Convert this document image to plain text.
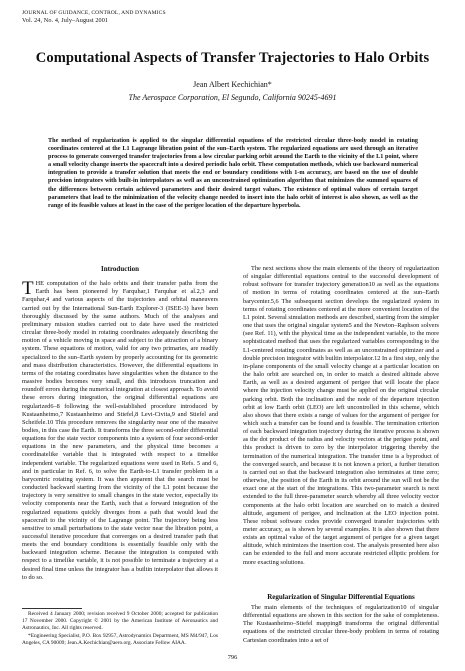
JOURNAL OF GUIDANCE, CONTROL, AND DYNAMICS
Vol. 24, No. 4, July–August 2001
Computational Aspects of Transfer Trajectories to Halo Orbits
Jean Albert Kechichian*
The Aerospace Corporation, El Segundo, California 90245-4691

The method of regularization is applied to the singular differential equations of the restricted circular three-body model in rotating coordinates centered at the L1 Lagrange libration point of the sun–Earth system. The regularized equations are used through an iterative process to generate converged transfer trajectories from a low circular parking orbit around the Earth to the vicinity of the L1 point, where a small velocity change inserts the spacecraft into a desired periodic halo orbit. These computation methods, which use backward numerical integration to provide a transfer solution that meets the end or boundary conditions with 1-m accuracy, are based on the use of double precision integrators with built-in interpolators as well as an unconstrained optimization algorithm that minimizes the summed squares of the differences between certain achieved parameters and their desired target values. The existence of optimal values of certain target parameters that lead to the minimization of the velocity change needed to insert into the halo orbit of interest is also shown, as well as the range of its feasible values at least in the case of the perigee location of the departure hyperbola.

Introduction

THE computation of the halo orbits and their transfer paths from the Earth has been pioneered by Farquhar,1 Farquhar et al.2,3 and Farquhar,4 and various aspects of the trajectories and orbital maneuvers carried out by the International Sun-Earth Explorer-3 (ISEE-3) have been thoroughly discussed by the same authors. Much of the analyses and preliminary mission studies carried out to date have used the restricted circular three-body model in rotating coordinates adequately describing the motion of a vehicle moving in space and subject to the attraction of a binary system. These equations of motion, valid for any two primaries, are readily specialized to the sun–Earth system by properly accounting for its geometric and mass distribution characteristics. However, the differential equations in terms of the rotating coordinates have singularities when the distance to the massive bodies becomes very small, and this introduces truncation and roundoff errors during the numerical integration at closest approach. To avoid these errors during integration, the original differential equations are regularized6–8 following the well-established procedure introduced by Kustaanheimo,7 Kustaanheimo and Stiefel,8 Levi-Civita,9 and Stiefel and Scheifele.10 This procedure removes the singularity near one of the massive bodies, in this case the Earth. It transforms the three second-order differential equations for the state vector components into a system of four second-order equations in the new parameters, and the physical time becomes a coordinatelike variable that is integrated with respect to a timelike independent variable. The regularized equations were used in Refs. 5 and 6, and in particular in Ref. 6, to solve the Earth-to-L1 transfer problem in a barycentric rotating system. It was then apparent that the search must be conducted backward starting from the vicinity of the L1 point because the trajectory is very sensitive to small changes in the state vector, especially its velocity components near the Earth, such that a forward integration of the regularized equations quickly diverges from a path that would lead the spacecraft to the vicinity of the Lagrange point. The trajectory being less sensitive to small perturbations to the state vector near the libration point, a successful iterative procedure that converges on a desired transfer path that meets the end boundary conditions is essentially feasible only with the backward integration scheme. Because the integration is computed with respect to a timelike variable, it is not possible to terminate a trajectory at a desired final time unless the integrator has a builtin interpolator that allows it to do so.

The next sections show the main elements of the theory of regularization of singular differential equations central to the successful development of robust software for transfer trajectory generation10 as well as the equations of motion in terms of rotating coordinates centered at the sun–Earth barycenter.5,6 The subsequent section develops the regularized system in terms of rotating coordinates centered at the more convenient location of the L1 point. Several simulation methods are described, starting from the simpler one that uses the original singular system5 and the Newton–Raphson solvers (see Ref. 11), with the physical time as the independent variable, to the more sophisticated method that uses the regularized variables corresponding to the L1-centered rotating coordinates as well as an unconstrained optimizer and a double precision integrator with builtin interpolator.12 In a first step, only the in-plane components of the small velocity change at a particular location on the halo orbit are searched on, in order to match a desired altitude above Earth, as well as a desired argument of perigee that will locate the place where the injection velocity change must be applied on the original circular parking orbit. Both the inclination and the node of the departure injection orbit at low Earth orbit (LEO) are left uncontrolled in this scheme, which also shows that there exists a range of values for the argument of perigee for which such a transfer can be found and is feasible. The termination criterion of each backward integration trajectory during the iterative process is shown as the dot product of the radius and velocity vectors at the perigee point, and this product is driven to zero by the interpolator triggering thereby the termination of the numerical integration. The transfer time is a byproduct of the converged search, and because it is not known a priori, a further iteration is carried out so that the backward integration also terminates at time zero; otherwise, the position of the Earth in its orbit around the sun will not be the exact one at the start of the integrations. This two-parameter search is next extended to the full three-parameter search whereby all three velocity vector components at the halo orbit location are searched on to match a desired altitude, argument of perigee, and inclination at the LEO injection point. These robust software codes provide converged transfer trajectories with meter accuracy, as is shown by several examples. It is also shown that there exists an optimal value of the target argument of perigee for a given target altitude, which minimizes the insertion cost. The analysis presented here also can be extended to the full and more accurate restricted elliptic problem for more exacting solutions.

Regularization of Singular Differential Equations

The main elements of the techniques of regularization10 of singular differential equations are shown in this section for the sake of completeness. The Kustaanheimo–Stiefel mapping8 transforms the original differential equations of the restricted circular three-body problem in terms of rotating Cartesian coordinates into a set of

Received 4 January 2000; revision received 9 October 2000; accepted for publication 17 November 2000. Copyright © 2001 by the American Institute of Aeronautics and Astronautics, Inc. All rights reserved.

*Engineering Specialist, P.O. Box 92957, Astrodynamics Department, MS M4/947, Los Angeles, CA 90009; Jean.A.Kechichian@aero.org. Associate Fellow AIAA.

796
